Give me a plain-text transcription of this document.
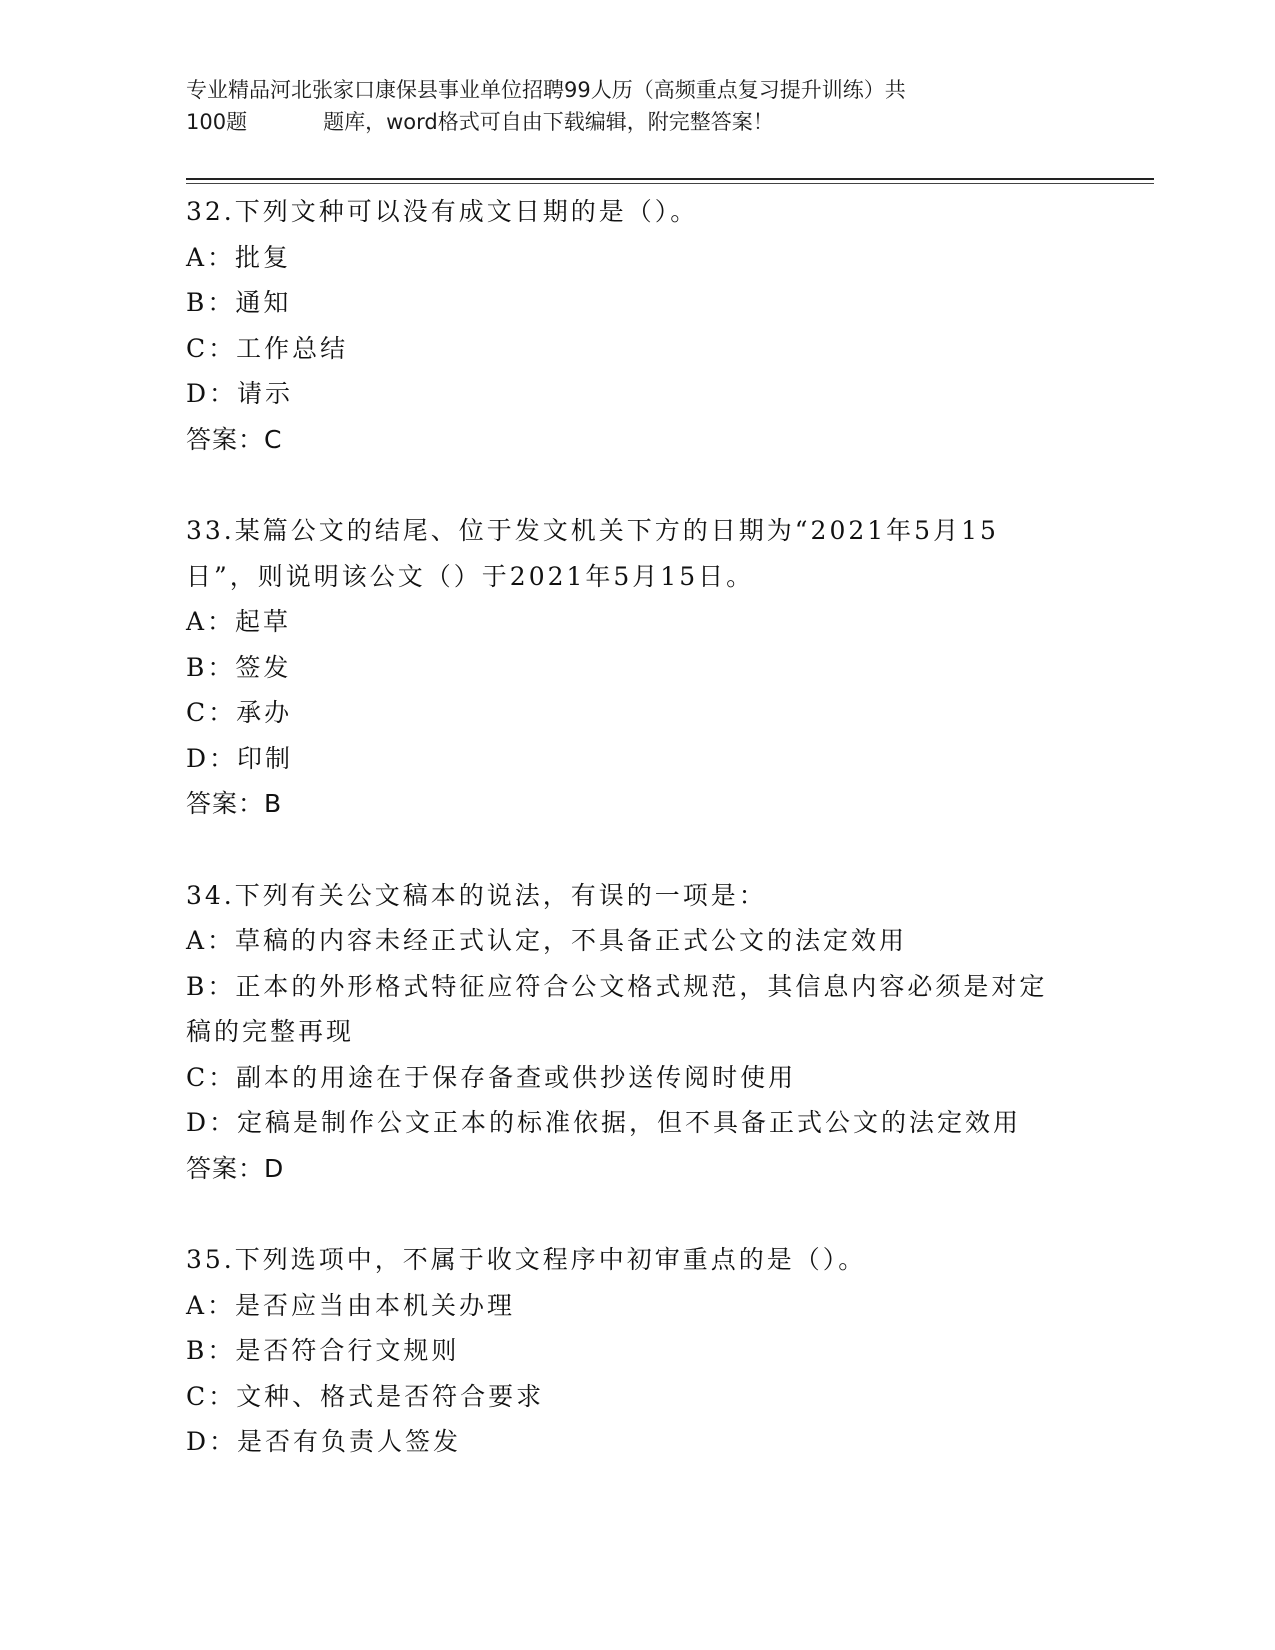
专业精品河北张家口康保县事业单位招聘99人历（高频重点复习提升训练）共
100题	题库，word格式可自由下载编辑，附完整答案！
32.下列文种可以没有成文日期的是（）。
A：批复
B：通知
C：工作总结
D：请示
答案：C
33.某篇公文的结尾、位于发文机关下方的日期为“2021年5月15日”，则说明该公文（）于2021年5月15日。
A：起草
B：签发
C：承办
D：印制
答案：B
34.下列有关公文稿本的说法，有误的一项是：
A：草稿的内容未经正式认定，不具备正式公文的法定效用
B：正本的外形格式特征应符合公文格式规范，其信息内容必须是对定稿的完整再现
C：副本的用途在于保存备查或供抄送传阅时使用
D：定稿是制作公文正本的标准依据，但不具备正式公文的法定效用
答案：D
35.下列选项中，不属于收文程序中初审重点的是（）。
A：是否应当由本机关办理
B：是否符合行文规则
C：文种、格式是否符合要求
D：是否有负责人签发
